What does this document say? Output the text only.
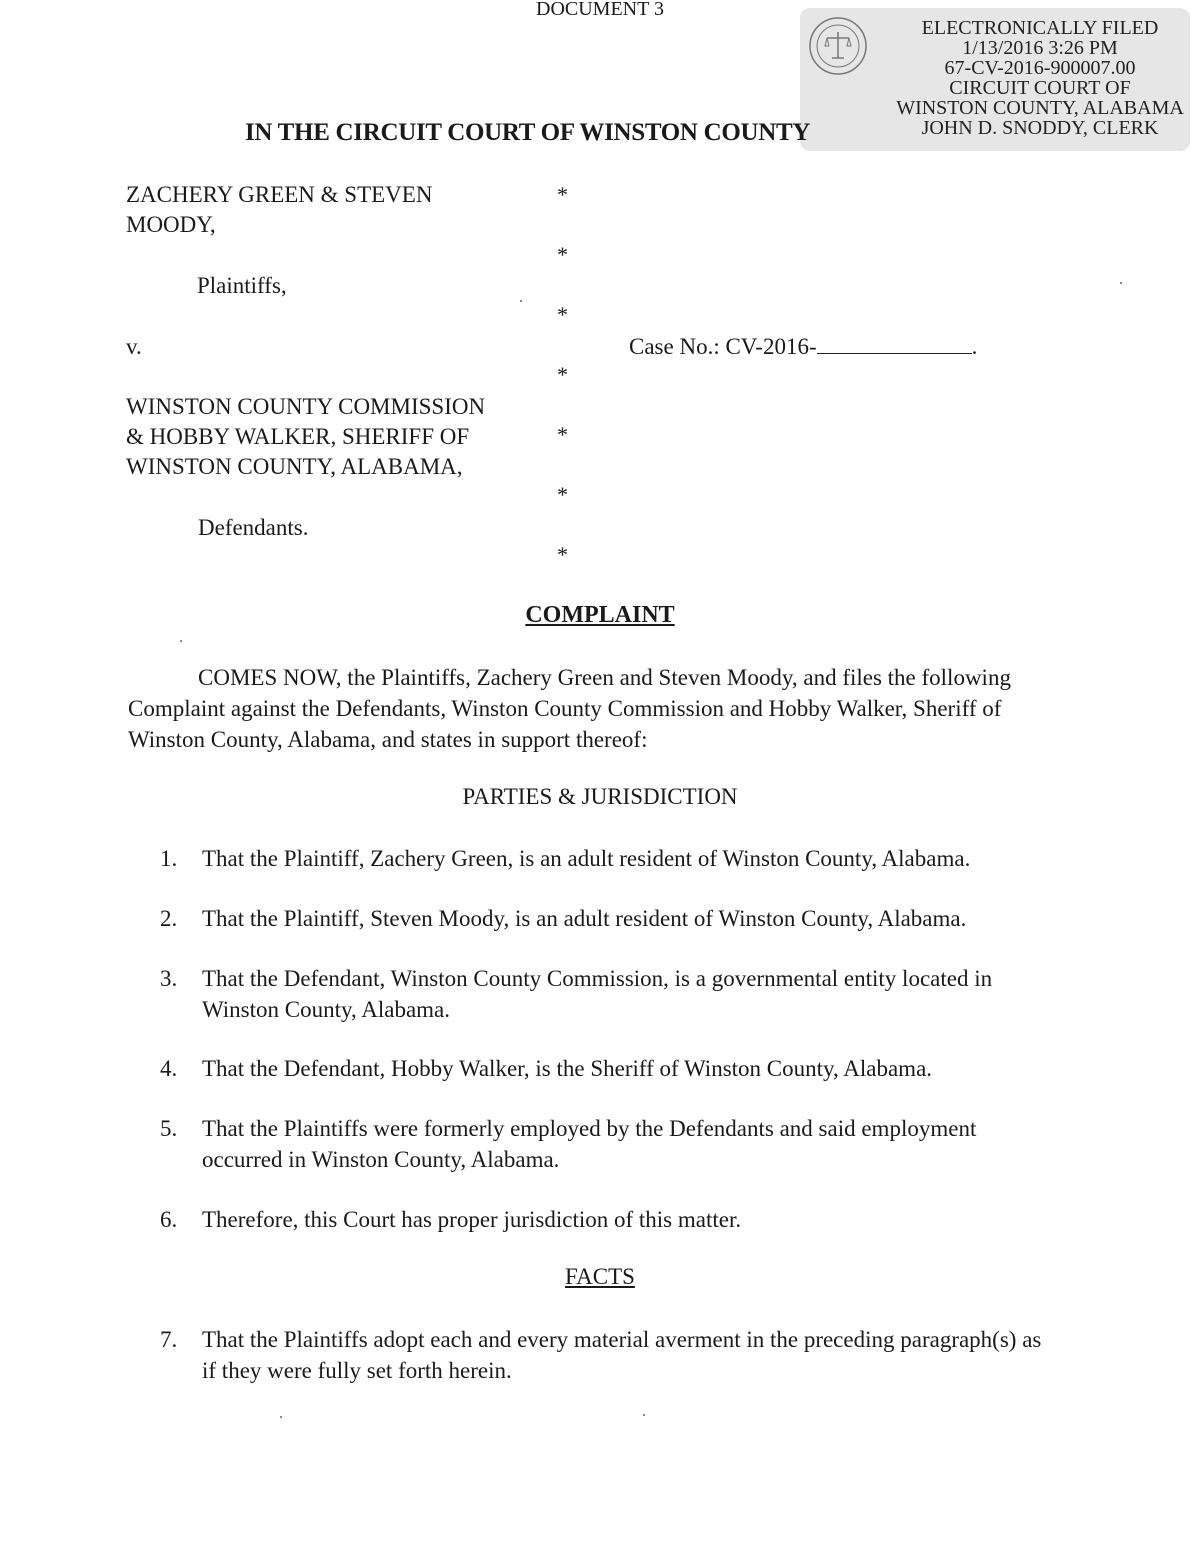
DOCUMENT 3
ELECTRONICALLY FILED
1/13/2016 3:26 PM
67-CV-2016-900007.00
CIRCUIT COURT OF
WINSTON COUNTY, ALABAMA
JOHN D. SNODDY, CLERK
IN THE CIRCUIT COURT OF WINSTON COUNTY
ZACHERY GREEN & STEVEN
MOODY,
Plaintiffs,
v.
WINSTON COUNTY COMMISSION
& HOBBY WALKER, SHERIFF OF
WINSTON COUNTY, ALABAMA,
Defendants.
*
*
*
*
*
*
*
Case No.: CV-2016-	.
COMPLAINT
COMES NOW, the Plaintiffs, Zachery Green and Steven Moody, and files the following
Complaint against the Defendants, Winston County Commission and Hobby Walker, Sheriff of
Winston County, Alabama, and states in support thereof:
PARTIES & JURISDICTION
1.	That the Plaintiff, Zachery Green, is an adult resident of Winston County, Alabama.
2.	That the Plaintiff, Steven Moody, is an adult resident of Winston County, Alabama.
3.	That the Defendant, Winston County Commission, is a governmental entity located in Winston County, Alabama.
4.	That the Defendant, Hobby Walker, is the Sheriff of Winston County, Alabama.
5.	That the Plaintiffs were formerly employed by the Defendants and said employment occurred in Winston County, Alabama.
6.	Therefore, this Court has proper jurisdiction of this matter.
FACTS
7.	That the Plaintiffs adopt each and every material averment in the preceding paragraph(s) as if they were fully set forth herein.
